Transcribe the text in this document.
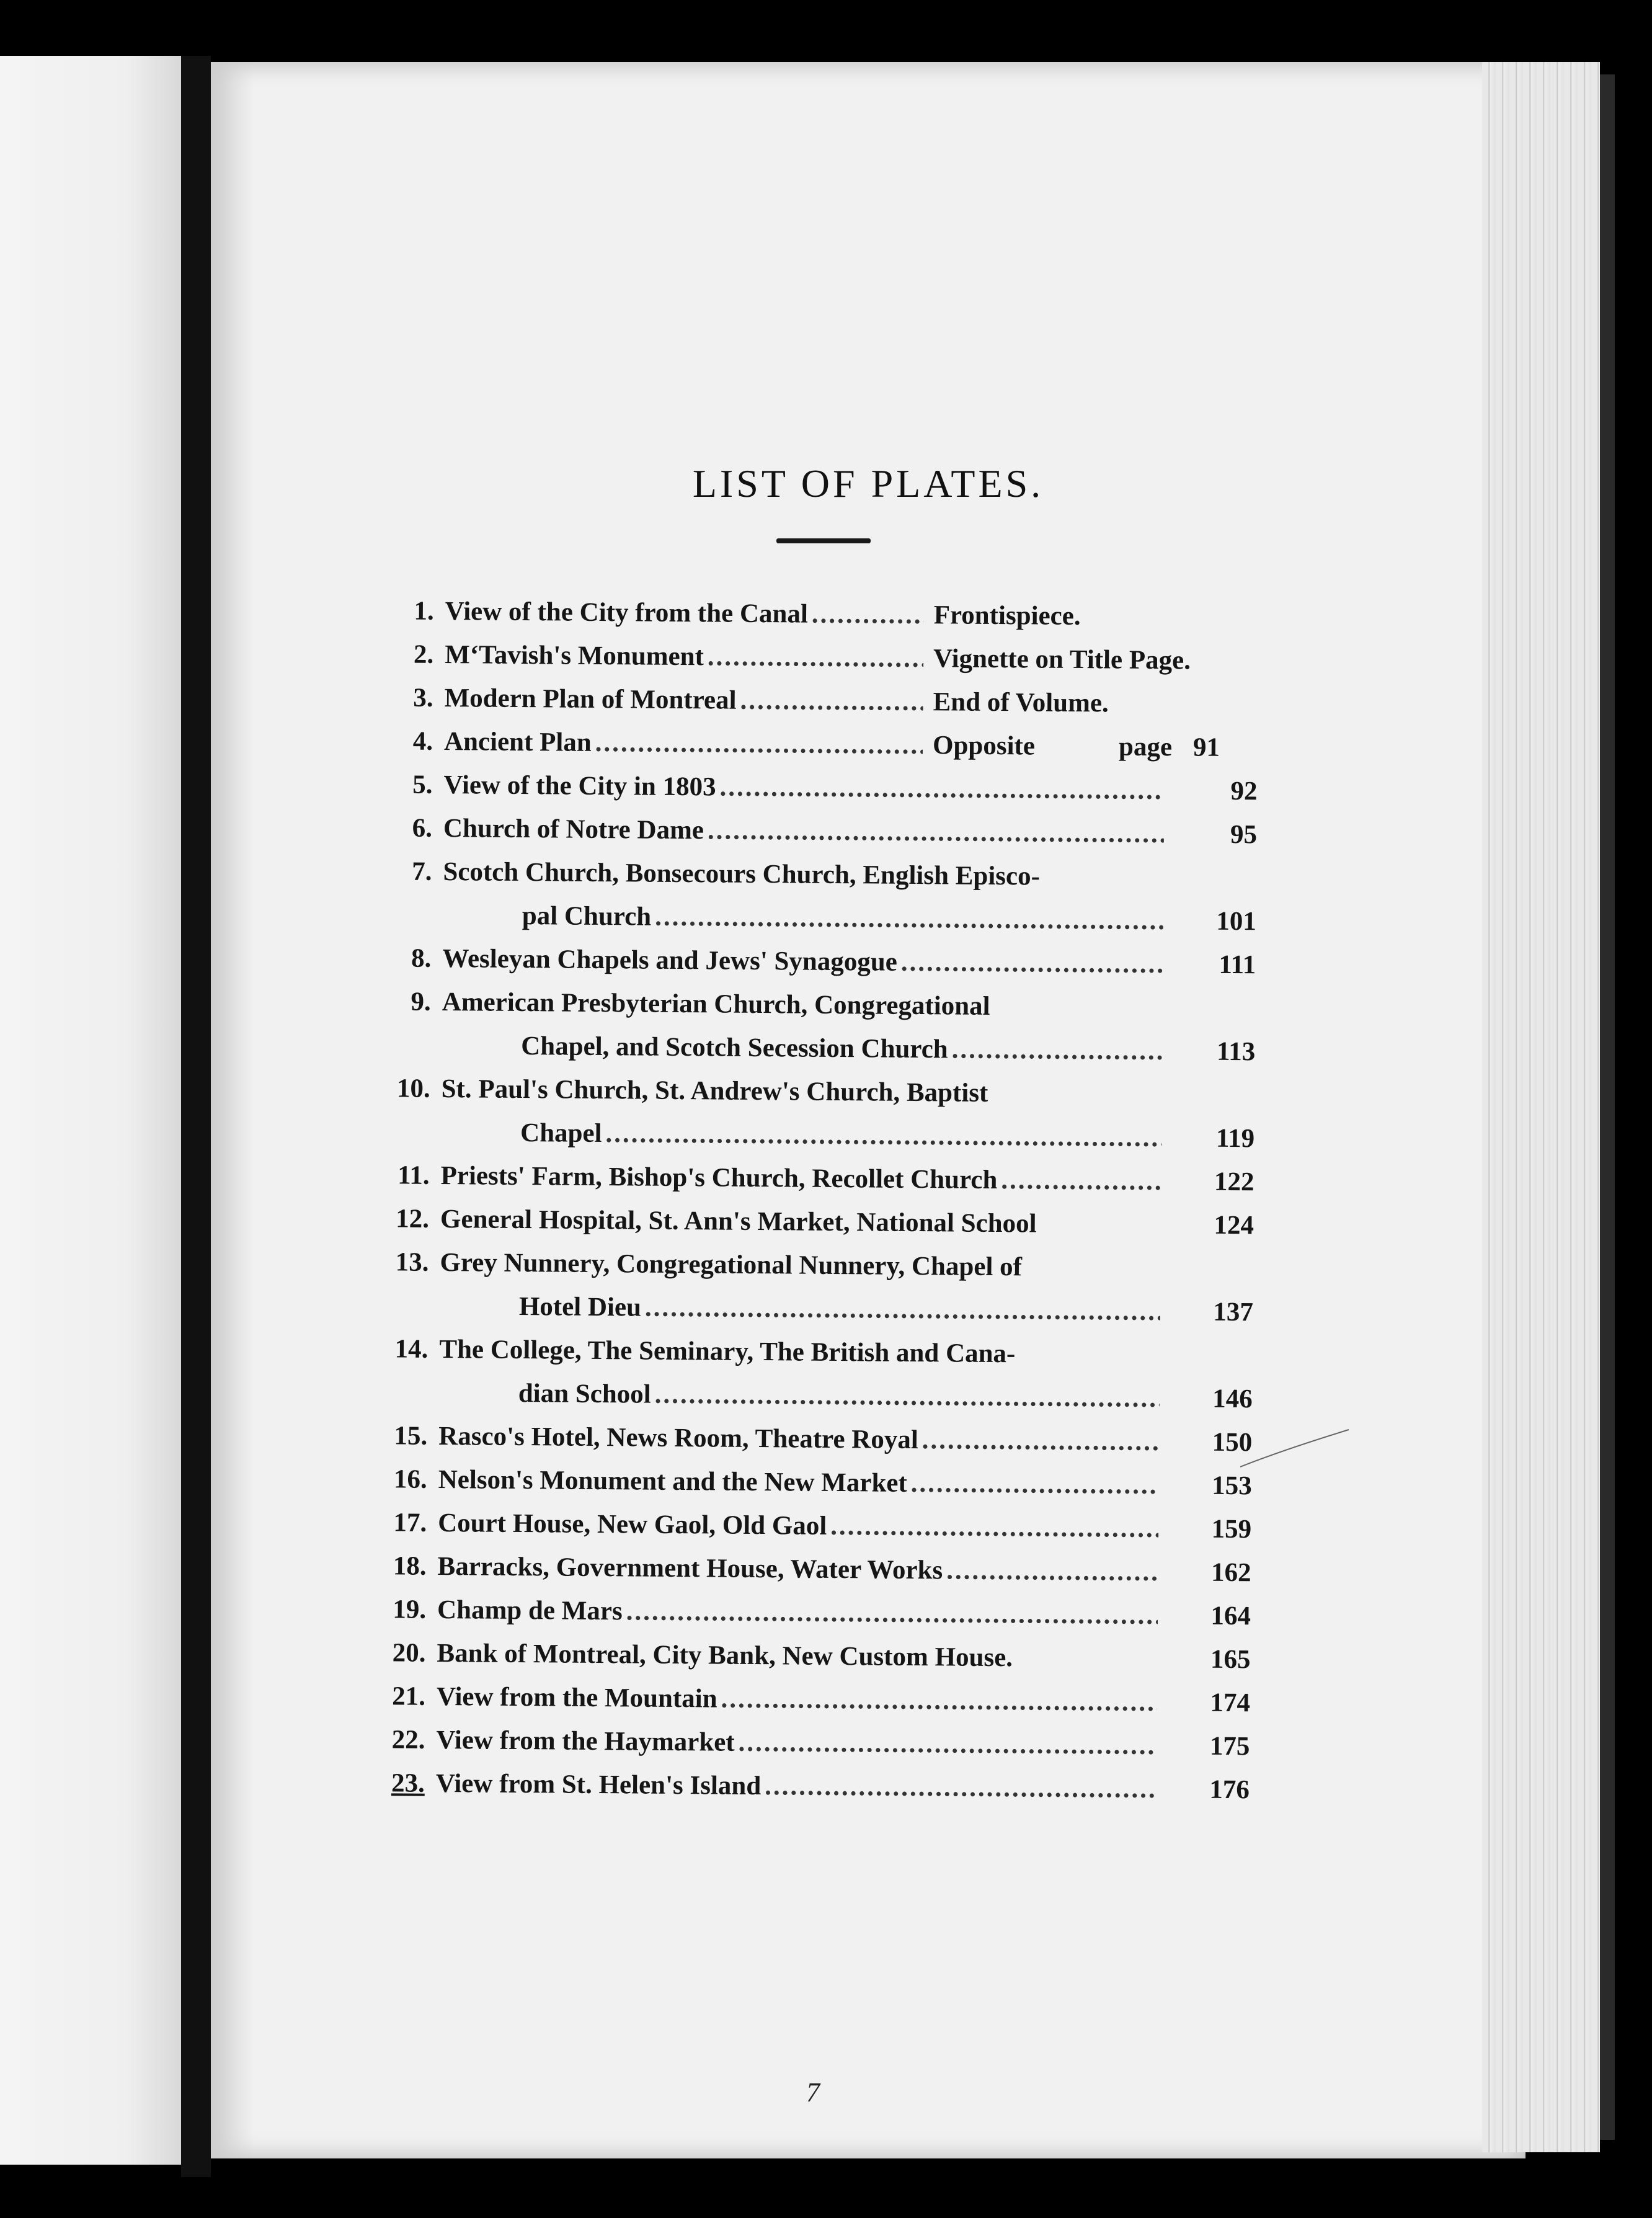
LIST OF PLATES.
1. View of the City from the Canal .....	Frontispiece.
2. M‘Tavish's Monument .....	Vignette on Title Page.
3. Modern Plan of Montreal .....	End of Volume.
4. Ancient Plan .....	Opposite	page 91
5. View of the City in 1803 .....	92
6. Church of Notre Dame .....	95
7. Scotch Church, Bonsecours Church, English Episco-
pal Church .....	101
8. Wesleyan Chapels and Jews' Synagogue .....	111
9. American Presbyterian Church, Congregational
Chapel, and Scotch Secession Church .....	113
10. St. Paul's Church, St. Andrew's Church, Baptist
Chapel .....	119
11. Priests' Farm, Bishop's Church, Recollet Church .....	122
12. General Hospital, St. Ann's Market, National School	124
13. Grey Nunnery, Congregational Nunnery, Chapel of
Hotel Dieu .....	137
14. The College, The Seminary, The British and Cana-
dian School .....	146
15. Rasco's Hotel, News Room, Theatre Royal .....	150
16. Nelson's Monument and the New Market .....	153
17. Court House, New Gaol, Old Gaol .....	159
18. Barracks, Government House, Water Works .....	162
19. Champ de Mars .....	164
20. Bank of Montreal, City Bank, New Custom House.	165
21. View from the Mountain .....	174
22. View from the Haymarket .....	175
23. View from St. Helen's Island .....	176
7
